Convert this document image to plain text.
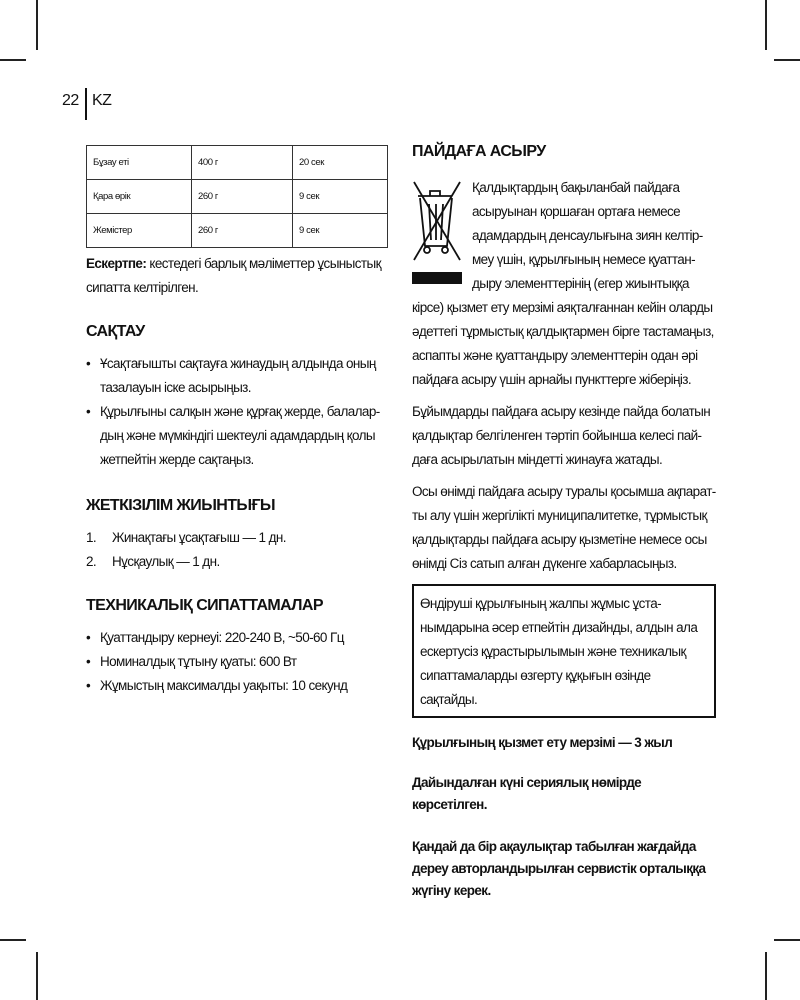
22 KZ
Бұзау еті	400 г	20 сек
Қара өрік	260 г	9 сек
Жемістер	260 г	9 сек
Ескертпе: кестедегі барлық мәліметтер ұсыныстық
сипатта келтірілген.
САҚТАУ
• Ұсақтағышты сақтауға жинаудың алдында оның
тазалауын іске асырыңыз.
• Құрылғыны салқын және құрғақ жерде, балалар-
дың және мүмкіндігі шектеулі адамдардың қолы
жетпейтін жерде сақтаңыз.
ЖЕТКІЗІЛІМ ЖИЫНТЫҒЫ
1. Жинақтағы ұсақтағыш — 1 дн.
2. Нұсқаулық — 1 дн.
ТЕХНИКАЛЫҚ СИПАТТАМАЛАР
• Қуаттандыру кернеуі: 220-240 В, ~50-60 Гц
• Номиналдық тұтыну қуаты: 600 Вт
• Жұмыстың максималды уақыты: 10 секунд
ПАЙДАҒА АСЫРУ
Қалдықтардың бақыланбай пайдаға
асыруынан қоршаған ортаға немесе
адамдардың денсаулығына зиян келтір-
меу үшін, құрылғының немесе қуаттан-
дыру элементтерінің (егер жиынтыққа
кірсе) қызмет ету мерзімі аяқталғаннан кейін оларды
әдеттегі тұрмыстық қалдықтармен бірге тастамаңыз,
аспапты және қуаттандыру элементтерін одан әрі
пайдаға асыру үшін арнайы пункттерге жіберіңіз.
Бұйымдарды пайдаға асыру кезінде пайда болатын
қалдықтар белгіленген тәртіп бойынша келесі пай-
даға асырылатын міндетті жинауға жатады.
Осы өнімді пайдаға асыру туралы қосымша ақпарат-
ты алу үшін жергілікті муниципалитетке, тұрмыстық
қалдықтарды пайдаға асыру қызметіне немесе осы
өнімді Сіз сатып алған дүкенге хабарласыңыз.
Өндіруші құрылғының жалпы жұмыс ұста-
нымдарына әсер етпейтін дизайнды, алдын ала
ескертусіз құрастырылымын және техникалық
сипаттамаларды өзгерту құқығын өзінде сақтайды.
Құрылғының қызмет ету мерзімі — 3 жыл
Дайындалған күні сериялық нөмірде көрсетілген.
Қандай да бір ақаулықтар табылған жағдайда
дереу авторландырылған сервистік орталыққа
жүгіну керек.
